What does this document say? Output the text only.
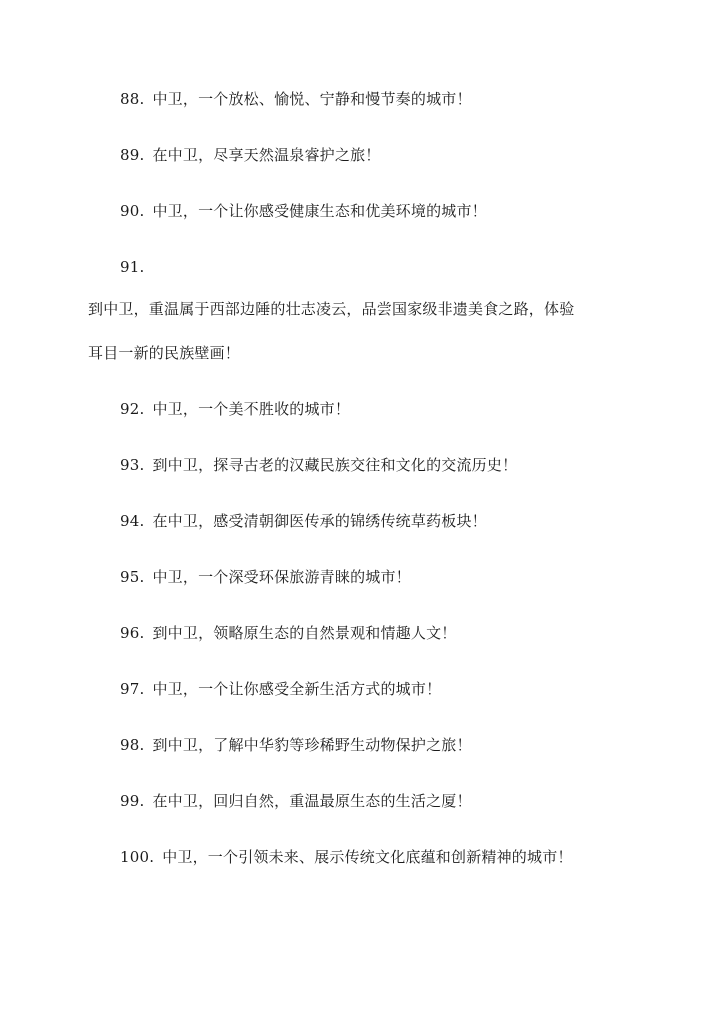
88. 中卫，一个放松、愉悦、宁静和慢节奏的城市！
89. 在中卫，尽享天然温泉睿护之旅！
90. 中卫，一个让你感受健康生态和优美环境的城市！
91.
到中卫，重温属于西部边陲的壮志凌云，品尝国家级非遗美食之路，体验
耳目一新的民族壁画！
92. 中卫，一个美不胜收的城市！
93. 到中卫，探寻古老的汉藏民族交往和文化的交流历史！
94. 在中卫，感受清朝御医传承的锦绣传统草药板块！
95. 中卫，一个深受环保旅游青睐的城市！
96. 到中卫，领略原生态的自然景观和情趣人文！
97. 中卫，一个让你感受全新生活方式的城市！
98. 到中卫，了解中华豹等珍稀野生动物保护之旅！
99. 在中卫，回归自然，重温最原生态的生活之厦！
100. 中卫，一个引领未来、展示传统文化底蕴和创新精神的城市！
